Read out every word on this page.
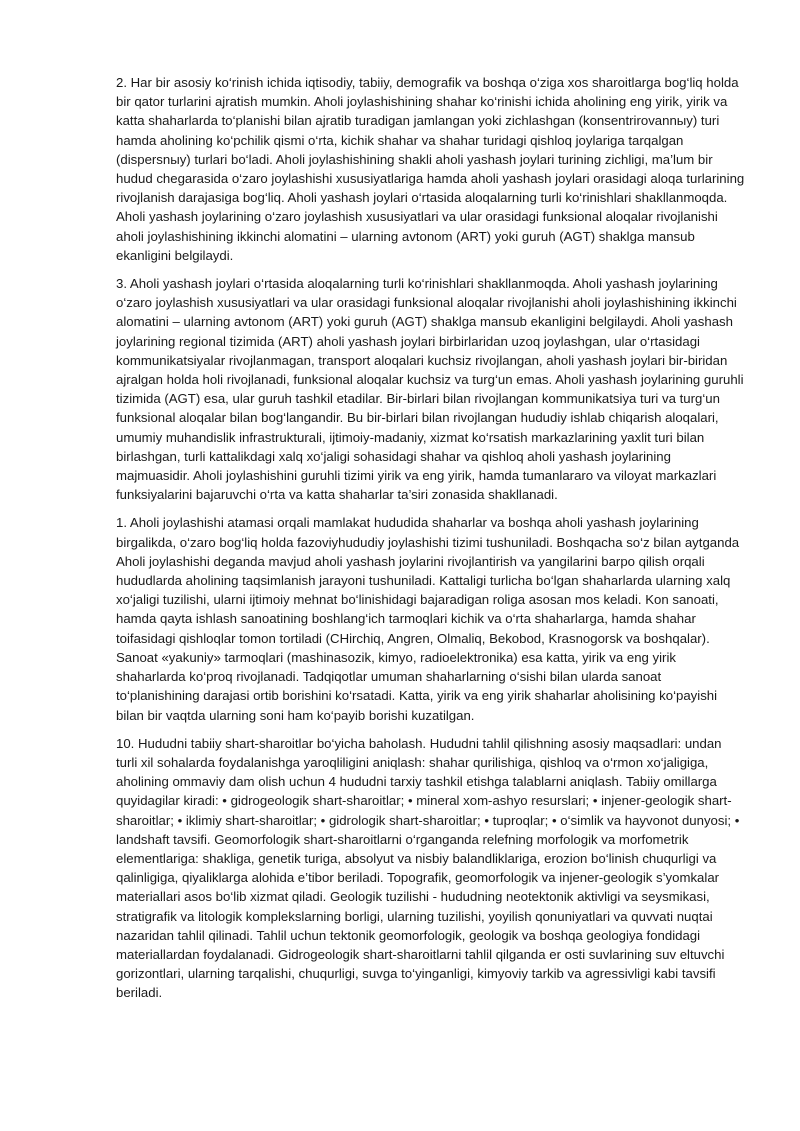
2. Har bir asosiy ko‘rinish ichida iqtisodiy, tabiiy, demografik va boshqa o‘ziga xos sharoitlarga bog‘liq holda bir qator turlarini ajratish mumkin. Aholi joylashishining shahar ko‘rinishi ichida aholining eng yirik, yirik va katta shaharlarda to‘planishi bilan ajratib turadigan jamlangan yoki zichlashgan (konsentrirovannыy) turi hamda aholining ko‘pchilik qismi o‘rta, kichik shahar va shahar turidagi qishloq joylariga tarqalgan (dispersnыy) turlari bo‘ladi. Aholi joylashishining shakli aholi yashash joylari turining zichligi, ma’lum bir hudud chegarasida o‘zaro joylashishi xususiyatlariga hamda aholi yashash joylari orasidagi aloqa turlarining rivojlanish darajasiga bog‘liq. Aholi yashash joylari o‘rtasida aloqalarning turli ko‘rinishlari shakllanmoqda. Aholi yashash joylarining o‘zaro joylashish xususiyatlari va ular orasidagi funksional aloqalar rivojlanishi aholi joylashishining ikkinchi alomatini – ularning avtonom (ART) yoki guruh (AGT) shaklga mansub ekanligini belgilaydi.

3. Aholi yashash joylari o‘rtasida aloqalarning turli ko‘rinishlari shakllanmoqda. Aholi yashash joylarining o‘zaro joylashish xususiyatlari va ular orasidagi funksional aloqalar rivojlanishi aholi joylashishining ikkinchi alomatini – ularning avtonom (ART) yoki guruh (AGT) shaklga mansub ekanligini belgilaydi. Aholi yashash joylarining regional tizimida (ART) aholi yashash joylari birbirlaridan uzoq joylashgan, ular o‘rtasidagi kommunikatsiyalar rivojlanmagan, transport aloqalari kuchsiz rivojlangan, aholi yashash joylari bir-biridan ajralgan holda holi rivojlanadi, funksional aloqalar kuchsiz va turg‘un emas. Aholi yashash joylarining guruhli tizimida (AGT) esa, ular guruh tashkil etadilar. Bir-birlari bilan rivojlangan kommunikatsiya turi va turg‘un funksional aloqalar bilan bog‘langandir. Bu bir-birlari bilan rivojlangan hududiy ishlab chiqarish aloqalari, umumiy muhandislik infrastrukturali, ijtimoiy-madaniy, xizmat ko‘rsatish markazlarining yaxlit turi bilan birlashgan, turli kattalikdagi xalq xo‘jaligi sohasidagi shahar va qishloq aholi yashash joylarining majmuasidir. Aholi joylashishini guruhli tizimi yirik va eng yirik, hamda tumanlararo va viloyat markazlari funksiyalarini bajaruvchi o‘rta va katta shaharlar ta’siri zonasida shakllanadi.

1. Aholi joylashishi atamasi orqali mamlakat hududida shaharlar va boshqa aholi yashash joylarining birgalikda, o‘zaro bog‘liq holda fazoviyhududiy joylashishi tizimi tushuniladi. Boshqacha so‘z bilan aytganda Aholi joylashishi deganda mavjud aholi yashash joylarini rivojlantirish va yangilarini barpo qilish orqali hududlarda aholining taqsimlanish jarayoni tushuniladi. Kattaligi turlicha bo‘lgan shaharlarda ularning xalq xo‘jaligi tuzilishi, ularni ijtimoiy mehnat bo‘linishidagi bajaradigan roliga asosan mos keladi. Kon sanoati, hamda qayta ishlash sanoatining boshlang‘ich tarmoqlari kichik va o‘rta shaharlarga, hamda shahar toifasidagi qishloqlar tomon tortiladi (CHirchiq, Angren, Olmaliq, Bekobod, Krasnogorsk va boshqalar). Sanoat «yakuniy» tarmoqlari (mashinasozik, kimyo, radioelektronika) esa katta, yirik va eng yirik shaharlarda ko‘proq rivojlanadi. Tadqiqotlar umuman shaharlarning o‘sishi bilan ularda sanoat to‘planishining darajasi ortib borishini ko‘rsatadi. Katta, yirik va eng yirik shaharlar aholisining ko‘payishi bilan bir vaqtda ularning soni ham ko‘payib borishi kuzatilgan.

10. Hududni tabiiy shart-sharoitlar bo‘yicha baholash. Hududni tahlil qilishning asosiy maqsadlari: undan turli xil sohalarda foydalanishga yaroqliligini aniqlash: shahar qurilishiga, qishloq va o‘rmon xo‘jaligiga, aholining ommaviy dam olish uchun 4 hududni tarxiy tashkil etishga talablarni aniqlash. Tabiiy omillarga quyidagilar kiradi: • gidrogeologik shart-sharoitlar; • mineral xom-ashyo resurslari; • injener-geologik shart-sharoitlar; • iklimiy shart-sharoitlar; • gidrologik shart-sharoitlar; • tuproqlar; • o‘simlik va hayvonot dunyosi; • landshaft tavsifi. Geomorfologik shart-sharoitlarni o‘rganganda relefning morfologik va morfometrik elementlariga: shakliga, genetik turiga, absolyut va nisbiy balandliklariga, erozion bo‘linish chuqurligi va qalinligiga, qiyaliklarga alohida e’tibor beriladi. Topografik, geomorfologik va injener-geologik s’yomkalar materiallari asos bo‘lib xizmat qiladi. Geologik tuzilishi - hududning neotektonik aktivligi va seysmikasi, stratigrafik va litologik komplekslarning borligi, ularning tuzilishi, yoyilish qonuniyatlari va quvvati nuqtai nazaridan tahlil qilinadi. Tahlil uchun tektonik geomorfologik, geologik va boshqa geologiya fondidagi materiallardan foydalanadi. Gidrogeologik shart-sharoitlarni tahlil qilganda er osti suvlarining suv eltuvchi gorizontlari, ularning tarqalishi, chuqurligi, suvga to‘yinganligi, kimyoviy tarkib va agressivligi kabi tavsifi beriladi.
